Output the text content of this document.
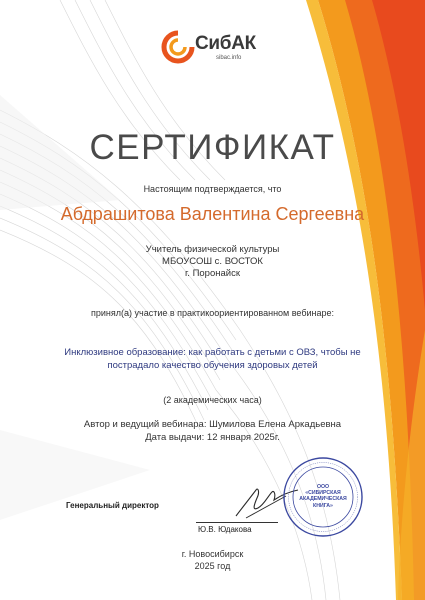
СибАК
sibac.info
СЕРТИФИКАТ
Настоящим подтверждается, что
Абдрашитова Валентина Сергеевна
Учитель физической культуры
МБОУСОШ с. ВОСТОК
г. Поронайск
принял(а) участие в практикоориентированном вебинаре:
Инклюзивное образование: как работать с детьми с ОВЗ, чтобы не
пострадало качество обучения здоровых детей
(2 академических часа)
Автор и ведущий вебинара: Шумилова Елена Аркадьевна
Дата выдачи: 12 января 2025г.
Генеральный директор
Ю.В. Юдакова
ООО
«СИБИРСКАЯ
АКАДЕМИЧЕСКАЯ
КНИГА»
г. Новосибирск
2025 год
